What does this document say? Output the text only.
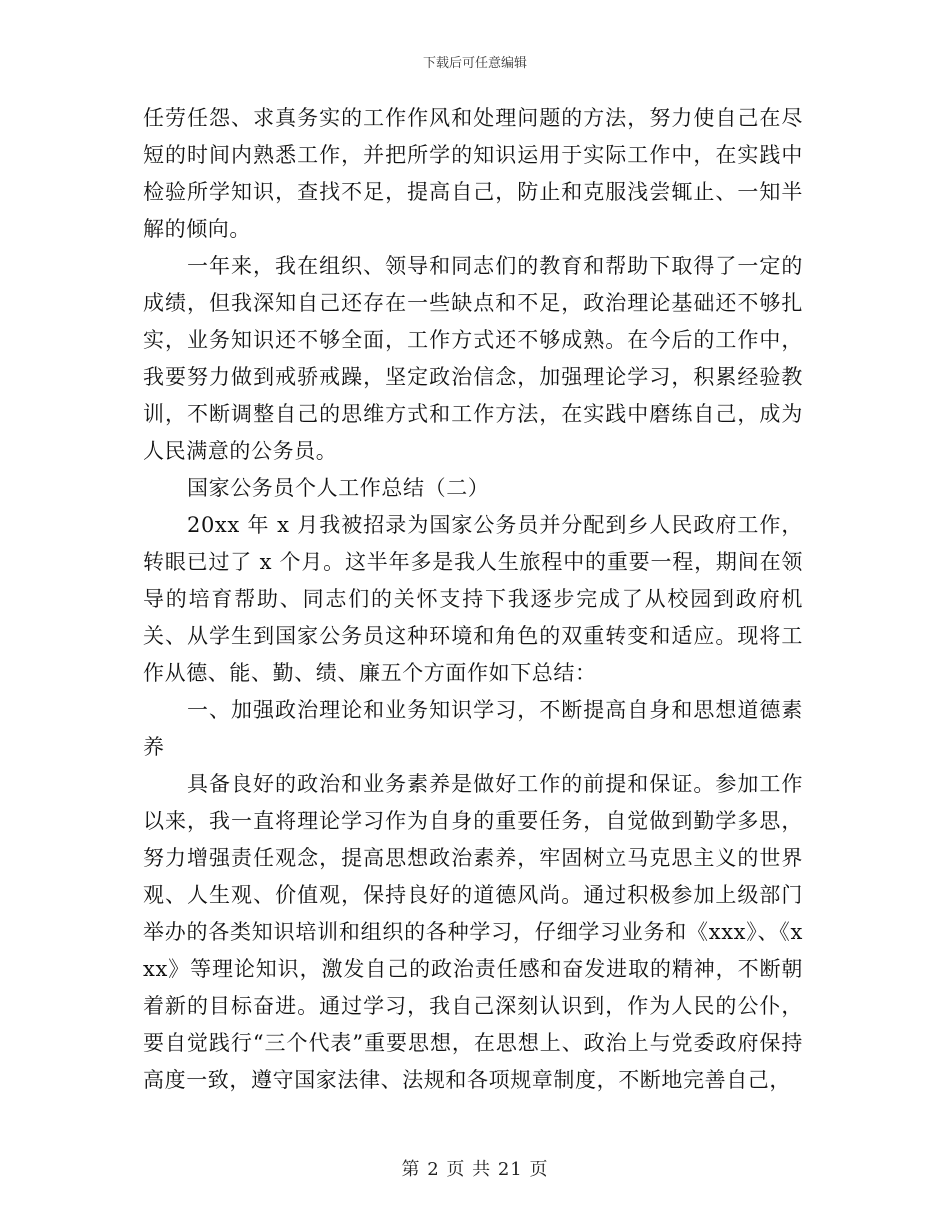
下载后可任意编辑

任劳任怨、求真务实的工作作风和处理问题的方法，努力使自己在尽短的时间内熟悉工作，并把所学的知识运用于实际工作中，在实践中检验所学知识，查找不足，提高自己，防止和克服浅尝辄止、一知半解的倾向。

一年来，我在组织、领导和同志们的教育和帮助下取得了一定的成绩，但我深知自己还存在一些缺点和不足，政治理论基础还不够扎实，业务知识还不够全面，工作方式还不够成熟。在今后的工作中，我要努力做到戒骄戒躁，坚定政治信念，加强理论学习，积累经验教训，不断调整自己的思维方式和工作方法，在实践中磨练自己，成为人民满意的公务员。

国家公务员个人工作总结（二）

20xx 年 x 月我被招录为国家公务员并分配到乡人民政府工作，转眼已过了 x 个月。这半年多是我人生旅程中的重要一程，期间在领导的培育帮助、同志们的关怀支持下我逐步完成了从校园到政府机关、从学生到国家公务员这种环境和角色的双重转变和适应。现将工作从德、能、勤、绩、廉五个方面作如下总结：

一、加强政治理论和业务知识学习，不断提高自身和思想道德素养

具备良好的政治和业务素养是做好工作的前提和保证。参加工作以来，我一直将理论学习作为自身的重要任务，自觉做到勤学多思，努力增强责任观念，提高思想政治素养，牢固树立马克思主义的世界观、人生观、价值观，保持良好的道德风尚。通过积极参加上级部门举办的各类知识培训和组织的各种学习，仔细学习业务和《xxx》、《xxx》等理论知识，激发自己的政治责任感和奋发进取的精神，不断朝着新的目标奋进。通过学习，我自己深刻认识到，作为人民的公仆，要自觉践行“三个代表”重要思想，在思想上、政治上与党委政府保持高度一致，遵守国家法律、法规和各项规章制度，不断地完善自己，

第 2 页 共 21 页
